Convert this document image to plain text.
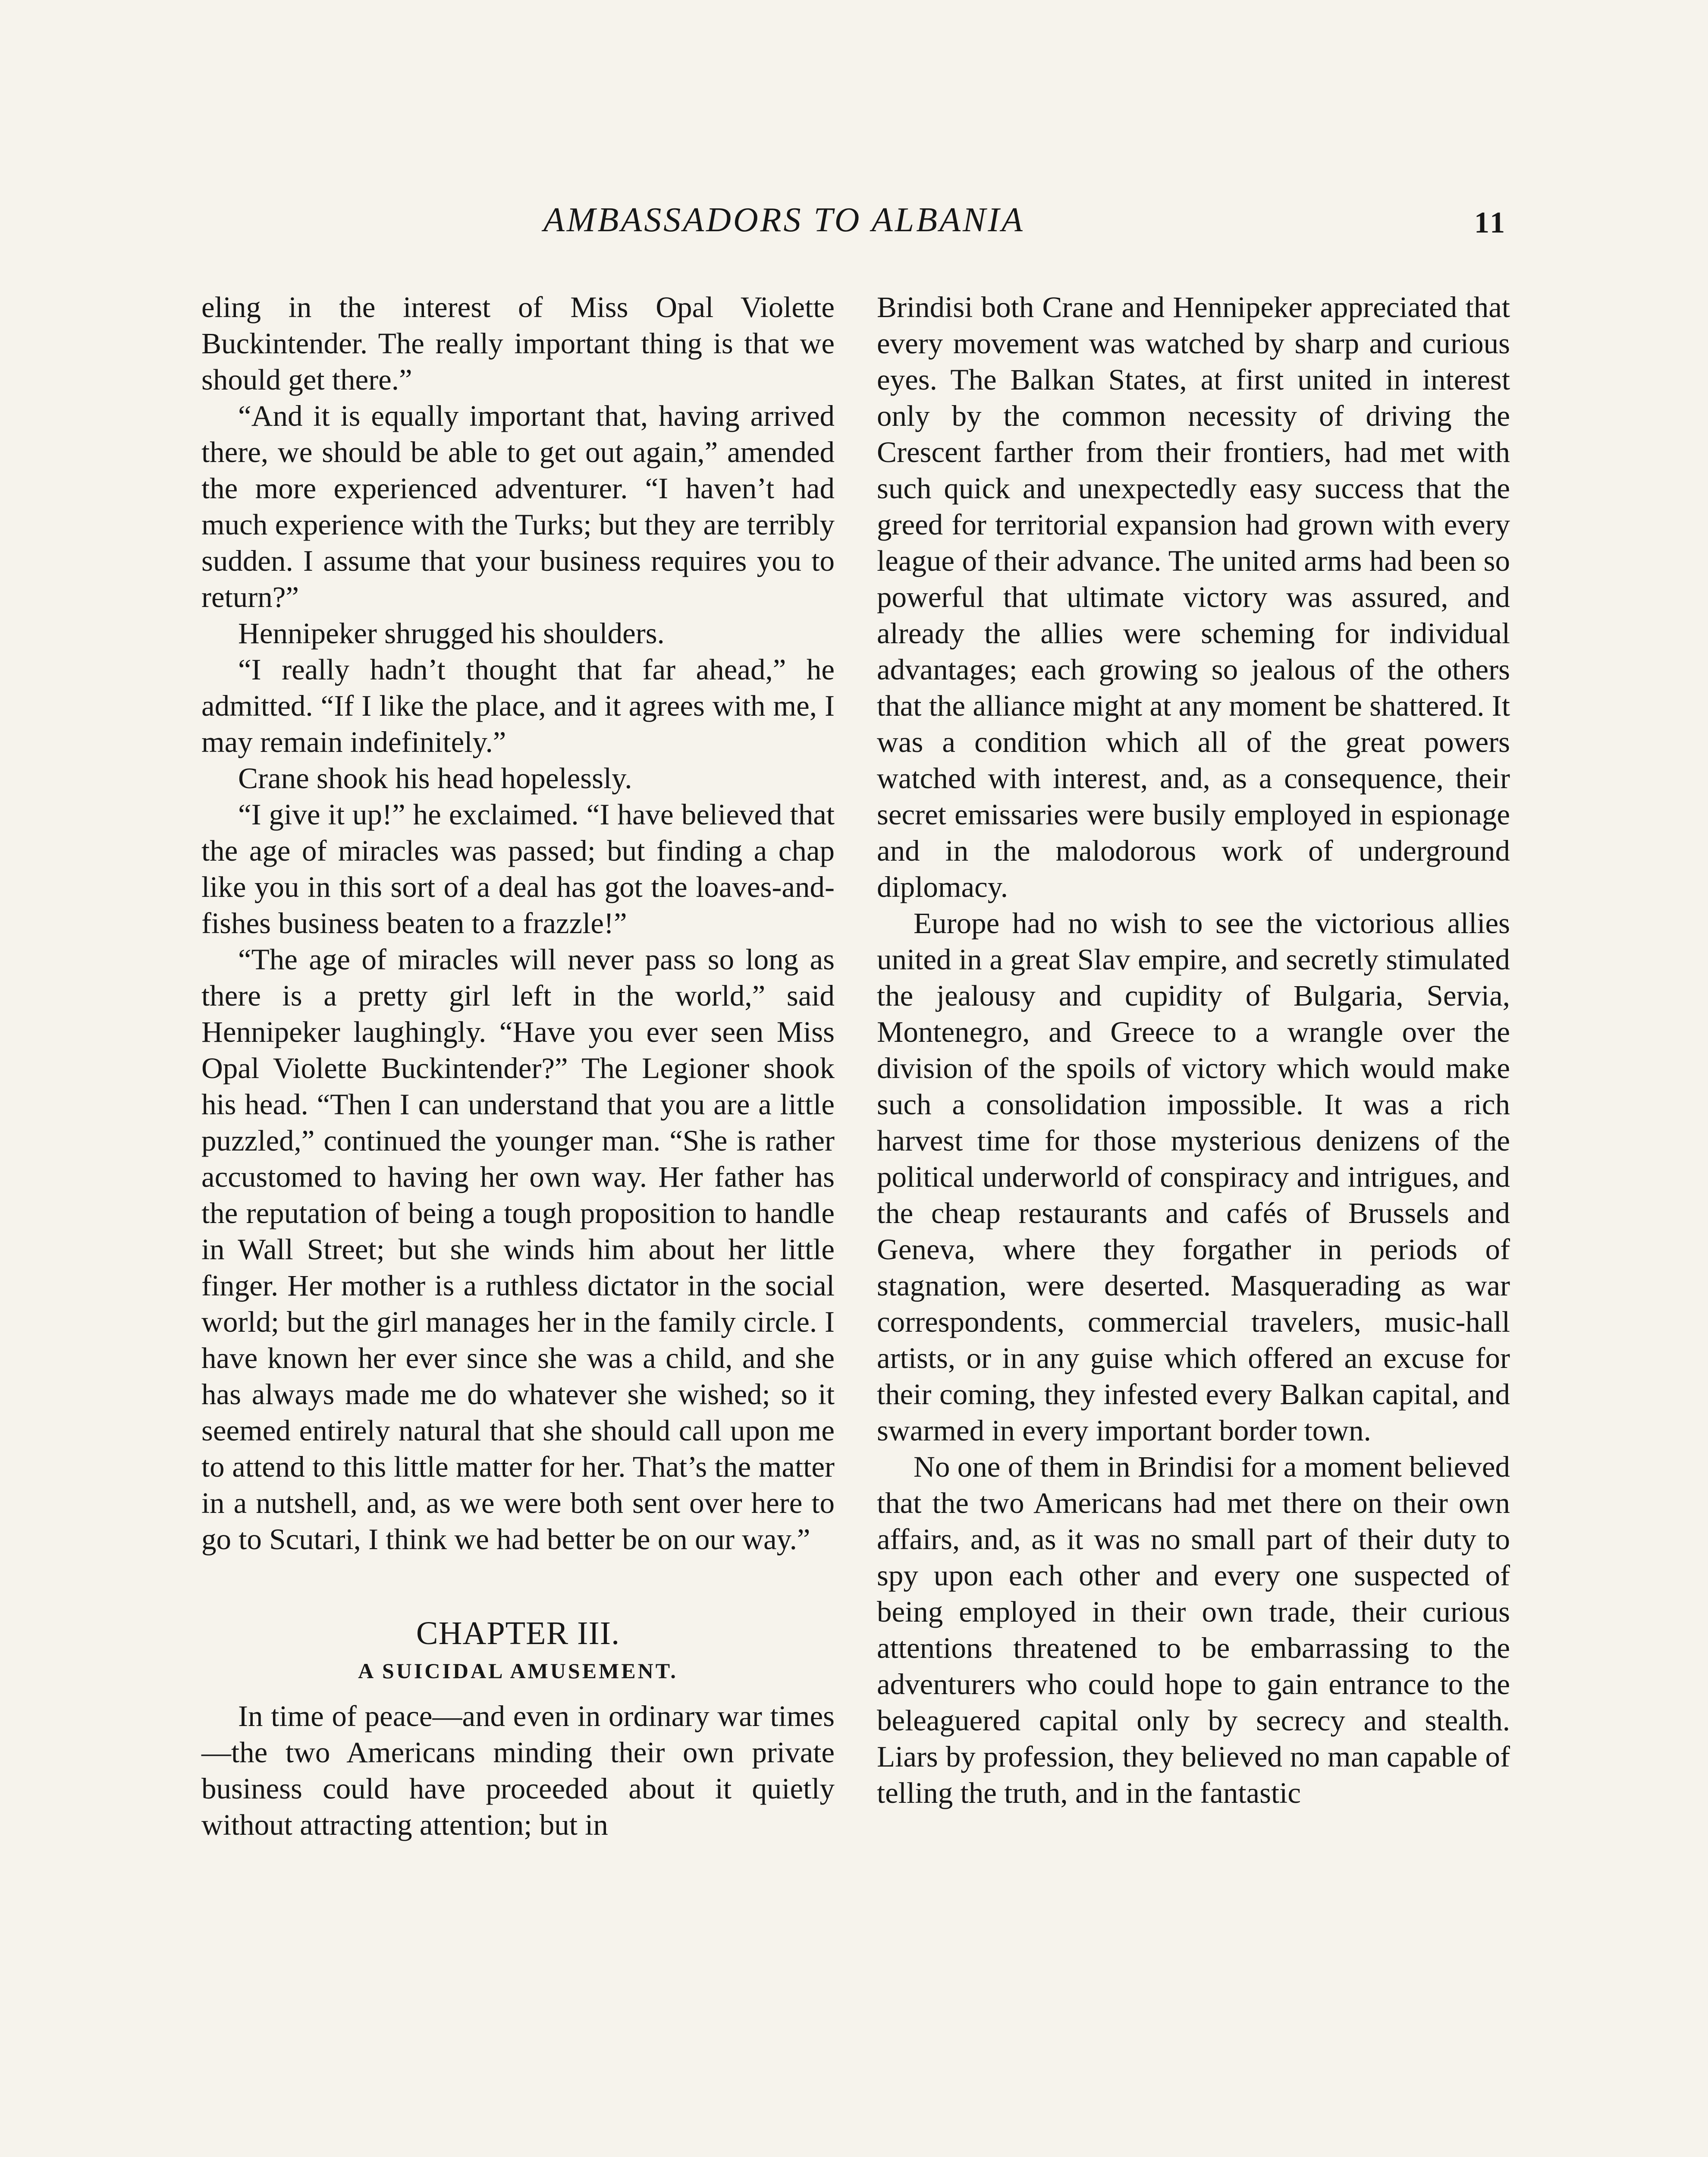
AMBASSADORS TO ALBANIA	11

eling in the interest of Miss Opal Violette Buckintender. The really important thing is that we should get there.”

“And it is equally important that, having arrived there, we should be able to get out again,” amended the more experienced adventurer. “I haven’t had much experience with the Turks; but they are terribly sudden. I assume that your business requires you to return?”

Hennipeker shrugged his shoulders.

“I really hadn’t thought that far ahead,” he admitted. “If I like the place, and it agrees with me, I may remain indefinitely.”

Crane shook his head hopelessly.

“I give it up!” he exclaimed. “I have believed that the age of miracles was passed; but finding a chap like you in this sort of a deal has got the loaves-and-fishes business beaten to a frazzle!”

“The age of miracles will never pass so long as there is a pretty girl left in the world,” said Hennipeker laughingly. “Have you ever seen Miss Opal Violette Buckintender?” The Legioner shook his head. “Then I can understand that you are a little puzzled,” continued the younger man. “She is rather accustomed to having her own way. Her father has the reputation of being a tough proposition to handle in Wall Street; but she winds him about her little finger. Her mother is a ruthless dictator in the social world; but the girl manages her in the family circle. I have known her ever since she was a child, and she has always made me do whatever she wished; so it seemed entirely natural that she should call upon me to attend to this little matter for her. That’s the matter in a nutshell, and, as we were both sent over here to go to Scutari, I think we had better be on our way.”

CHAPTER III.
A SUICIDAL AMUSEMENT.

In time of peace—and even in ordinary war times—the two Americans minding their own private business could have proceeded about it quietly without attracting attention; but in

Brindisi both Crane and Hennipeker appreciated that every movement was watched by sharp and curious eyes. The Balkan States, at first united in interest only by the common necessity of driving the Crescent farther from their frontiers, had met with such quick and unexpectedly easy success that the greed for territorial expansion had grown with every league of their advance. The united arms had been so powerful that ultimate victory was assured, and already the allies were scheming for individual advantages; each growing so jealous of the others that the alliance might at any moment be shattered. It was a condition which all of the great powers watched with interest, and, as a consequence, their secret emissaries were busily employed in espionage and in the malodorous work of underground diplomacy.

Europe had no wish to see the victorious allies united in a great Slav empire, and secretly stimulated the jealousy and cupidity of Bulgaria, Servia, Montenegro, and Greece to a wrangle over the division of the spoils of victory which would make such a consolidation impossible. It was a rich harvest time for those mysterious denizens of the political underworld of conspiracy and intrigues, and the cheap restaurants and cafés of Brussels and Geneva, where they forgather in periods of stagnation, were deserted. Masquerading as war correspondents, commercial travelers, music-hall artists, or in any guise which offered an excuse for their coming, they infested every Balkan capital, and swarmed in every important border town.

No one of them in Brindisi for a moment believed that the two Americans had met there on their own affairs, and, as it was no small part of their duty to spy upon each other and every one suspected of being employed in their own trade, their curious attentions threatened to be embarrassing to the adventurers who could hope to gain entrance to the beleaguered capital only by secrecy and stealth. Liars by profession, they believed no man capable of telling the truth, and in the fantastic
